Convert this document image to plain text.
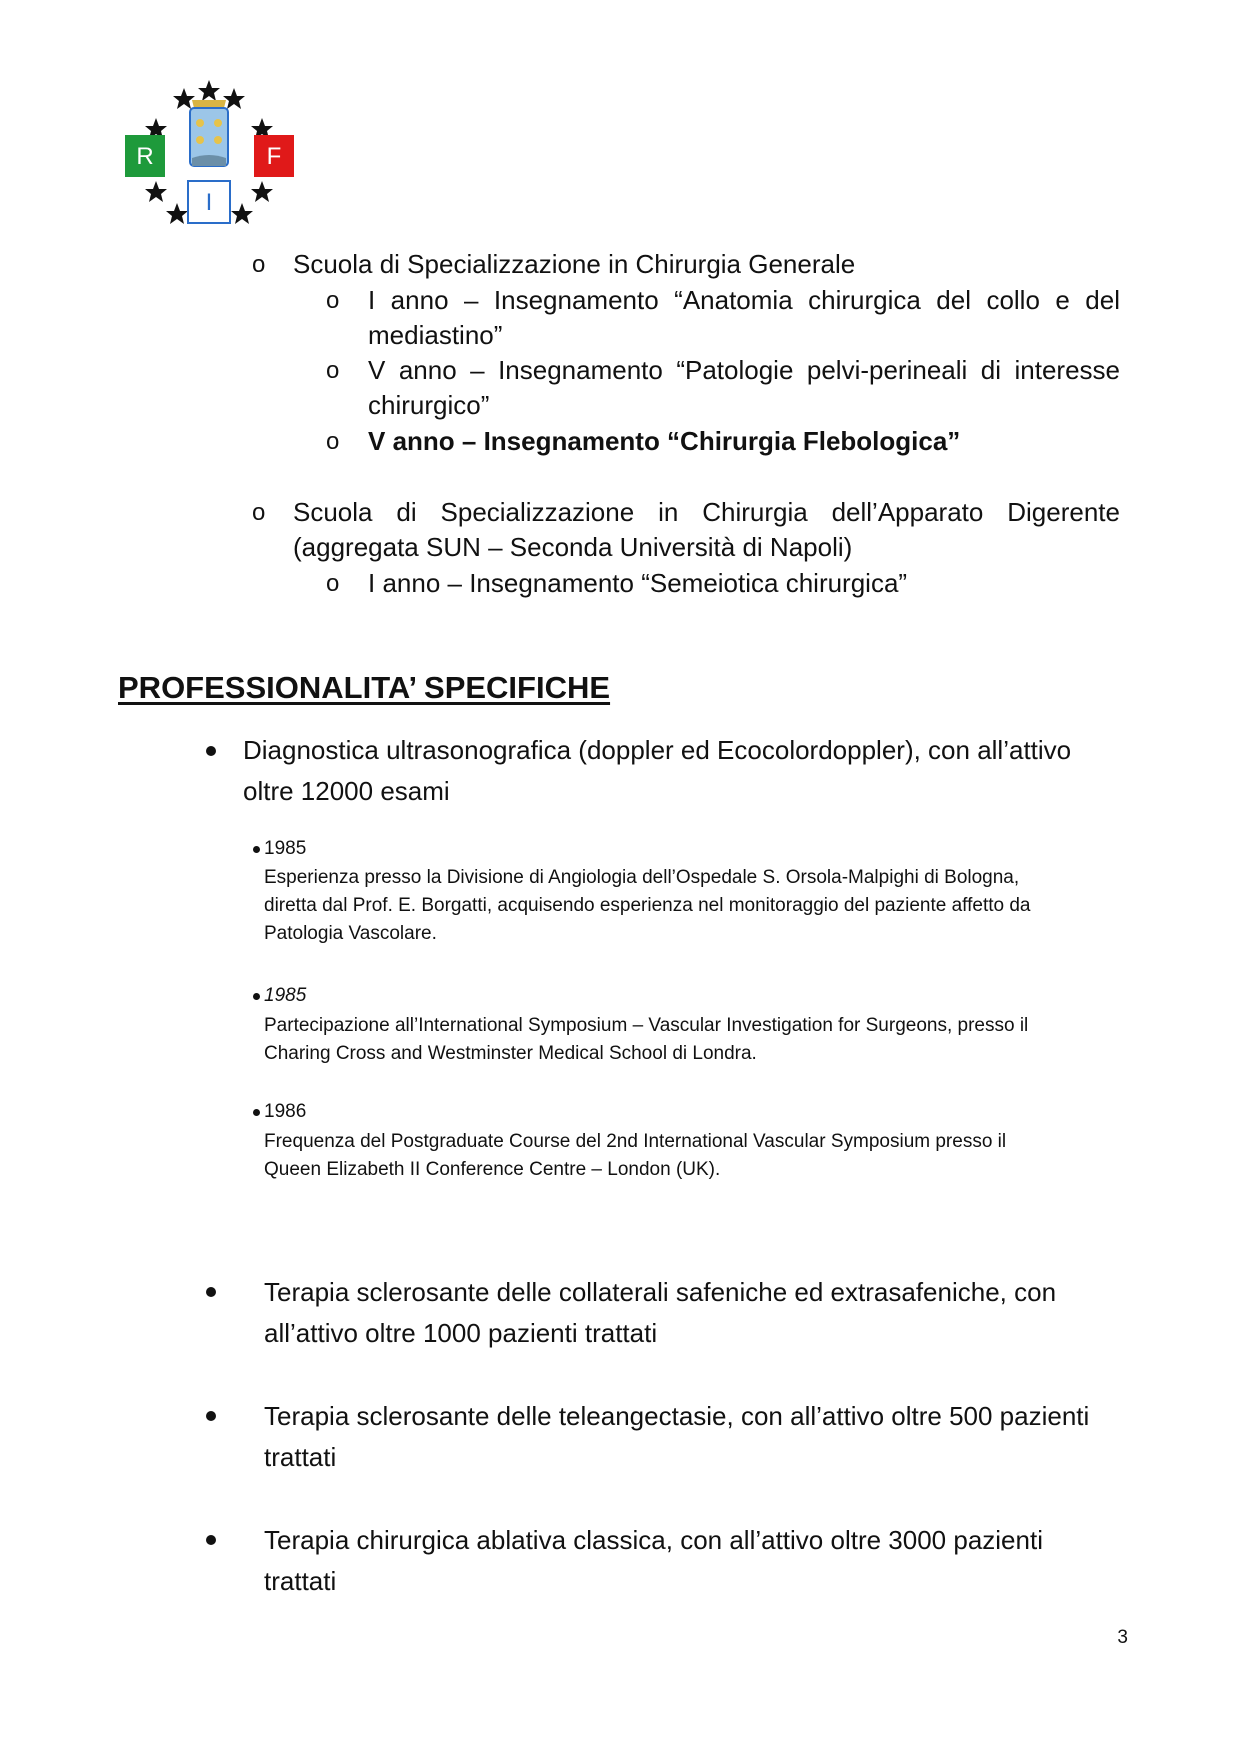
R	F
I
o Scuola di Specializzazione in Chirurgia Generale
o I anno – Insegnamento “Anatomia chirurgica del collo e del
mediastino”
o V anno – Insegnamento “Patologie pelvi-perineali di interesse
chirurgico”
o V anno – Insegnamento “Chirurgia Flebologica”
o Scuola di Specializzazione in Chirurgia dell’Apparato Digerente
(aggregata SUN – Seconda Università di Napoli)
o I anno – Insegnamento “Semeiotica chirurgica”
PROFESSIONALITA’ SPECIFICHE
Diagnostica ultrasonografica (doppler ed Ecocolordoppler), con all’attivo
oltre 12000 esami
1985
Esperienza presso la Divisione di Angiologia dell’Ospedale S. Orsola-Malpighi di Bologna,
diretta dal Prof. E. Borgatti, acquisendo esperienza nel monitoraggio del paziente affetto da
Patologia Vascolare.
1985
Partecipazione all’International Symposium – Vascular Investigation for Surgeons, presso il
Charing Cross and Westminster Medical School di Londra.
1986
Frequenza del Postgraduate Course del 2nd International Vascular Symposium presso il
Queen Elizabeth II Conference Centre – London (UK).
Terapia sclerosante delle collaterali safeniche ed extrasafeniche, con
all’attivo oltre 1000 pazienti trattati
Terapia sclerosante delle teleangectasie, con all’attivo oltre 500 pazienti
trattati
Terapia chirurgica ablativa classica, con all’attivo oltre 3000 pazienti
trattati
3
